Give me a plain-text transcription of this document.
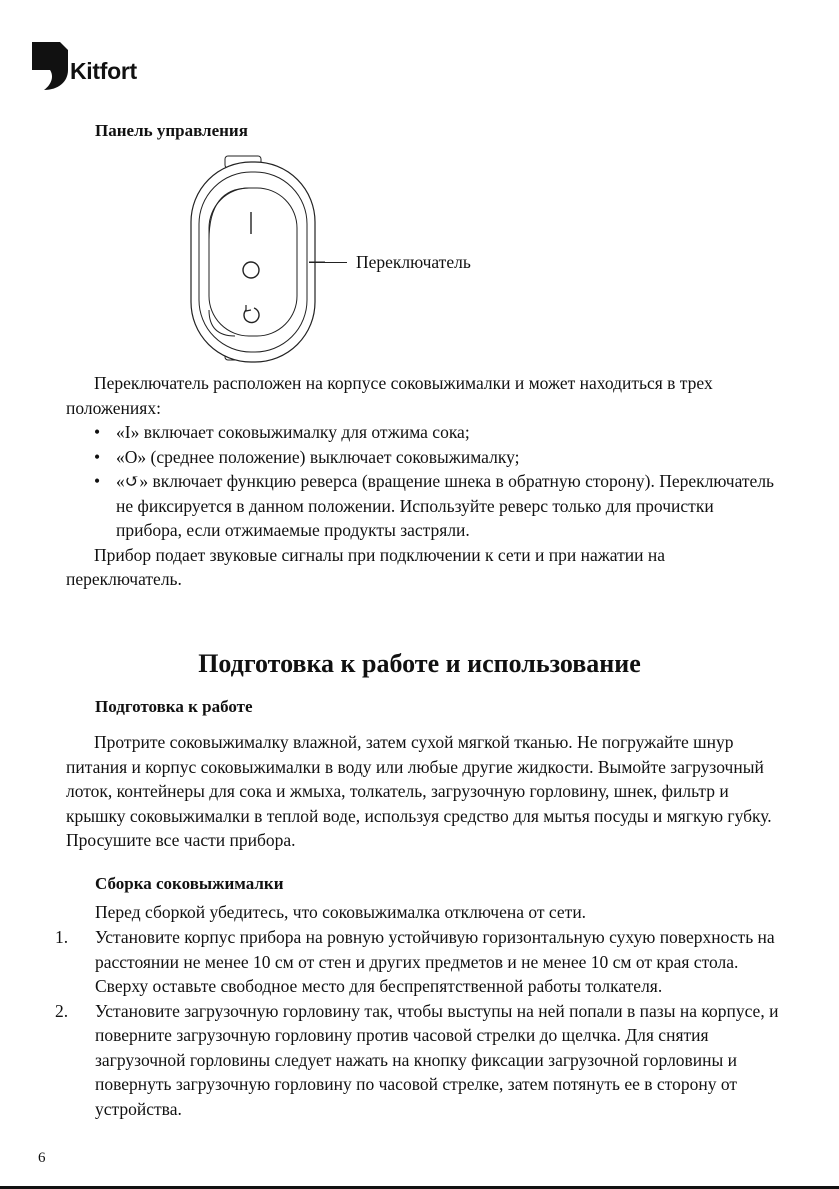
Kitfort
Панель управления
Переключатель
Переключатель расположен на корпусе соковыжималки и может находиться в трех положениях:
• «I» включает соковыжималку для отжима сока;
• «O» (среднее положение) выключает соковыжималку;
• «↺» включает функцию реверса (вращение шнека в обратную сторону). Переключатель не фиксируется в данном положении. Используйте реверс только для прочистки прибора, если отжимаемые продукты застряли.
Прибор подает звуковые сигналы при подключении к сети и при нажатии на переключатель.
Подготовка к работе и использование
Подготовка к работе
Протрите соковыжималку влажной, затем сухой мягкой тканью. Не погружайте шнур питания и корпус соковыжималки в воду или любые другие жидкости. Вымойте загрузочный лоток, контейнеры для сока и жмыха, толкатель, загрузочную горловину, шнек, фильтр и крышку соковыжималки в теплой воде, используя средство для мытья посуды и мягкую губку. Просушите все части прибора.
Сборка соковыжималки
Перед сборкой убедитесь, что соковыжималка отключена от сети.
1. Установите корпус прибора на ровную устойчивую горизонтальную сухую поверхность на расстоянии не менее 10 см от стен и других предметов и не менее 10 см от края стола. Сверху оставьте свободное место для беспрепятственной работы толкателя.
2. Установите загрузочную горловину так, чтобы выступы на ней попали в пазы на корпусе, и поверните загрузочную горловину против часовой стрелки до щелчка. Для снятия загрузочной горловины следует нажать на кнопку фиксации загрузочной горловины и повернуть загрузочную горловину по часовой стрелке, затем потянуть ее в сторону от устройства.
6
